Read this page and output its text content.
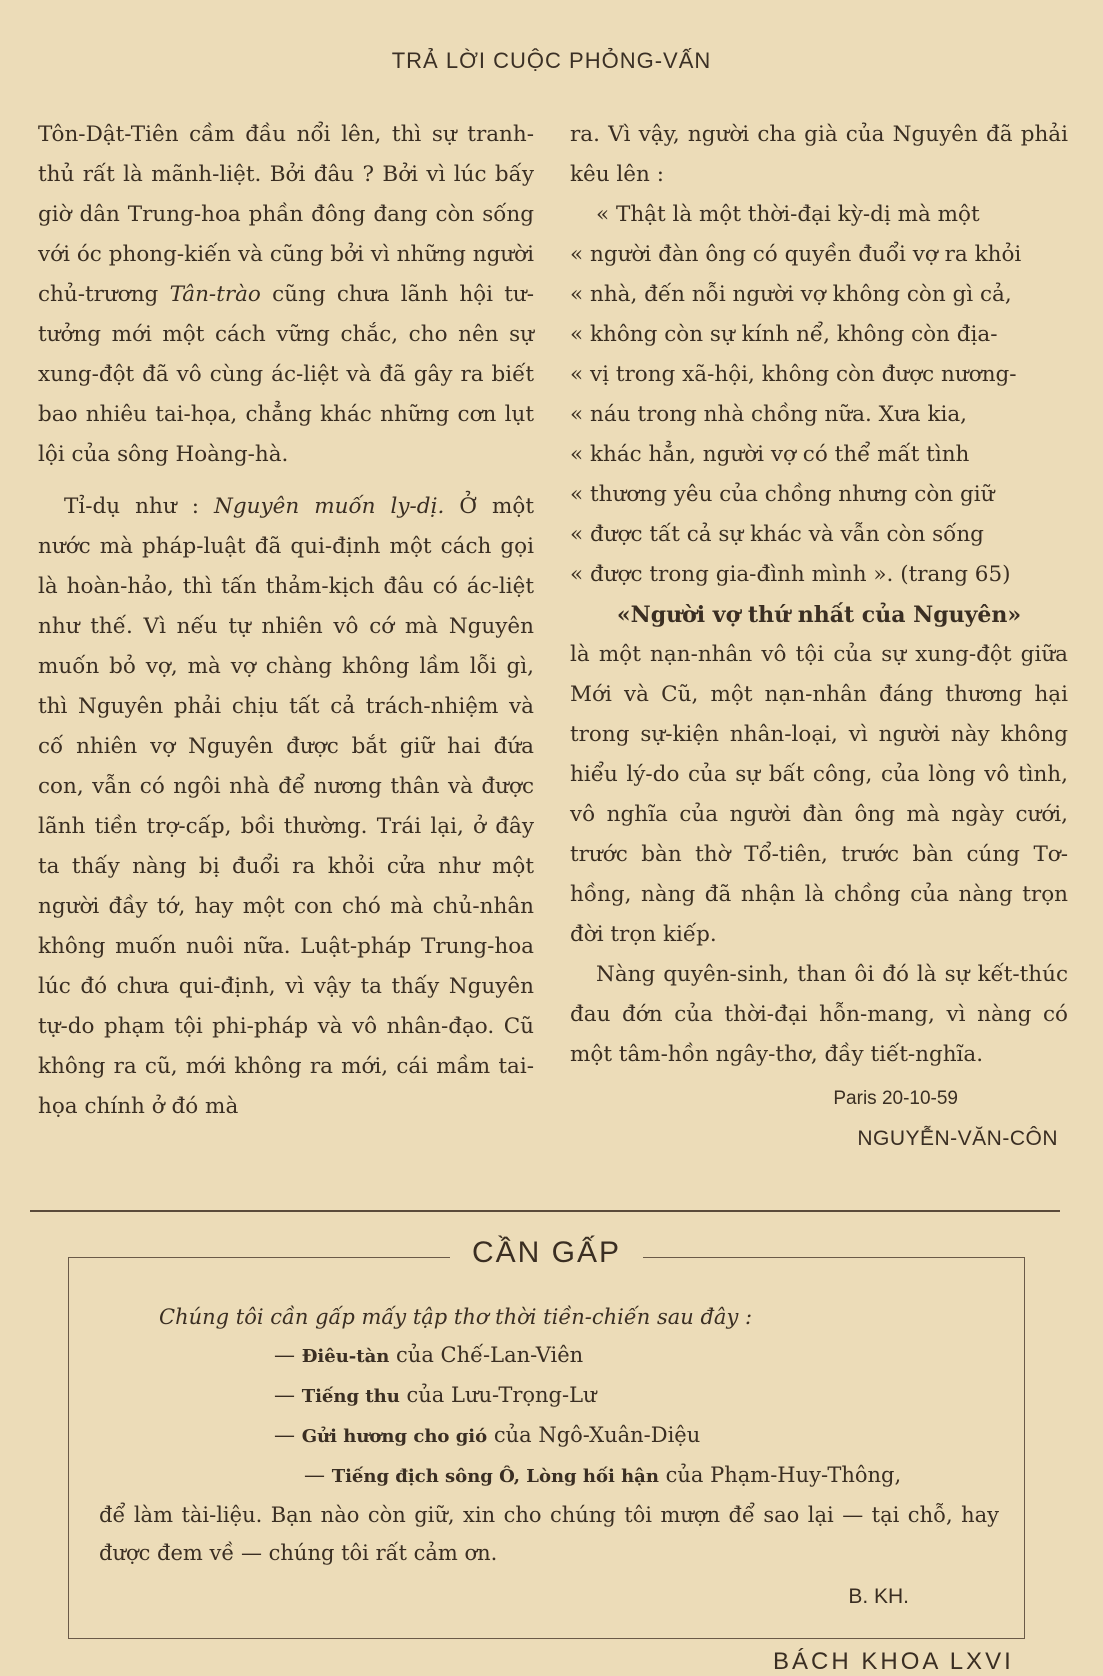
TRẢ LỜI CUỘC PHỎNG-VẤN

Tôn-Dật-Tiên cầm đầu nổi lên, thì sự tranh-thủ rất là mãnh-liệt. Bởi đâu ? Bởi vì lúc bấy giờ dân Trung-hoa phần đông đang còn sống với óc phong-kiến và cũng bởi vì những người chủ-trương Tân-trào cũng chưa lãnh hội tư-tưởng mới một cách vững chắc, cho nên sự xung-đột đã vô cùng ác-liệt và đã gây ra biết bao nhiêu tai-họa, chẳng khác những cơn lụt lội của sông Hoàng-hà.

Tỉ-dụ như : Nguyên muốn ly-dị. Ở một nước mà pháp-luật đã qui-định một cách gọi là hoàn-hảo, thì tấn thảm-kịch đâu có ác-liệt như thế. Vì nếu tự nhiên vô cớ mà Nguyên muốn bỏ vợ, mà vợ chàng không lầm lỗi gì, thì Nguyên phải chịu tất cả trách-nhiệm và cố nhiên vợ Nguyên được bắt giữ hai đứa con, vẫn có ngôi nhà để nương thân và được lãnh tiền trợ-cấp, bồi thường. Trái lại, ở đây ta thấy nàng bị đuổi ra khỏi cửa như một người đầy tớ, hay một con chó mà chủ-nhân không muốn nuôi nữa. Luật-pháp Trung-hoa lúc đó chưa qui-định, vì vậy ta thấy Nguyên tự-do phạm tội phi-pháp và vô nhân-đạo. Cũ không ra cũ, mới không ra mới, cái mầm tai-họa chính ở đó mà

ra. Vì vậy, người cha già của Nguyên đã phải kêu lên :

« Thật là một thời-đại kỳ-dị mà một
« người đàn ông có quyền đuổi vợ ra khỏi
« nhà, đến nỗi người vợ không còn gì cả,
« không còn sự kính nể, không còn địa-
« vị trong xã-hội, không còn được nương-
« náu trong nhà chồng nữa. Xưa kia,
« khác hẳn, người vợ có thể mất tình
« thương yêu của chồng nhưng còn giữ
« được tất cả sự khác và vẫn còn sống
« được trong gia-đình mình ». (trang 65)

«Người vợ thứ nhất của Nguyên»
là một nạn-nhân vô tội của sự xung-đột giữa Mới và Cũ, một nạn-nhân đáng thương hại trong sự-kiện nhân-loại, vì người này không hiểu lý-do của sự bất công, của lòng vô tình, vô nghĩa của người đàn ông mà ngày cưới, trước bàn thờ Tổ-tiên, trước bàn cúng Tơ-hồng, nàng đã nhận là chồng của nàng trọn đời trọn kiếp.

Nàng quyên-sinh, than ôi đó là sự kết-thúc đau đớn của thời-đại hỗn-mang, vì nàng có một tâm-hồn ngây-thơ, đầy tiết-nghĩa.

Paris 20-10-59
NGUYỄN-VĂN-CÔN
CẦN GẤP
Chúng tôi cần gấp mấy tập thơ thời tiền-chiến sau đây :
— Điêu-tàn của Chế-Lan-Viên
— Tiếng thu của Lưu-Trọng-Lư
— Gửi hương cho gió của Ngô-Xuân-Diệu
— Tiếng địch sông Ô, Lòng hối hận của Phạm-Huy-Thông,
để làm tài-liệu. Bạn nào còn giữ, xin cho chúng tôi mượn để sao lại — tại chỗ, hay được đem về — chúng tôi rất cảm ơn.
B. KH.
BÁCH KHOA LXVI
